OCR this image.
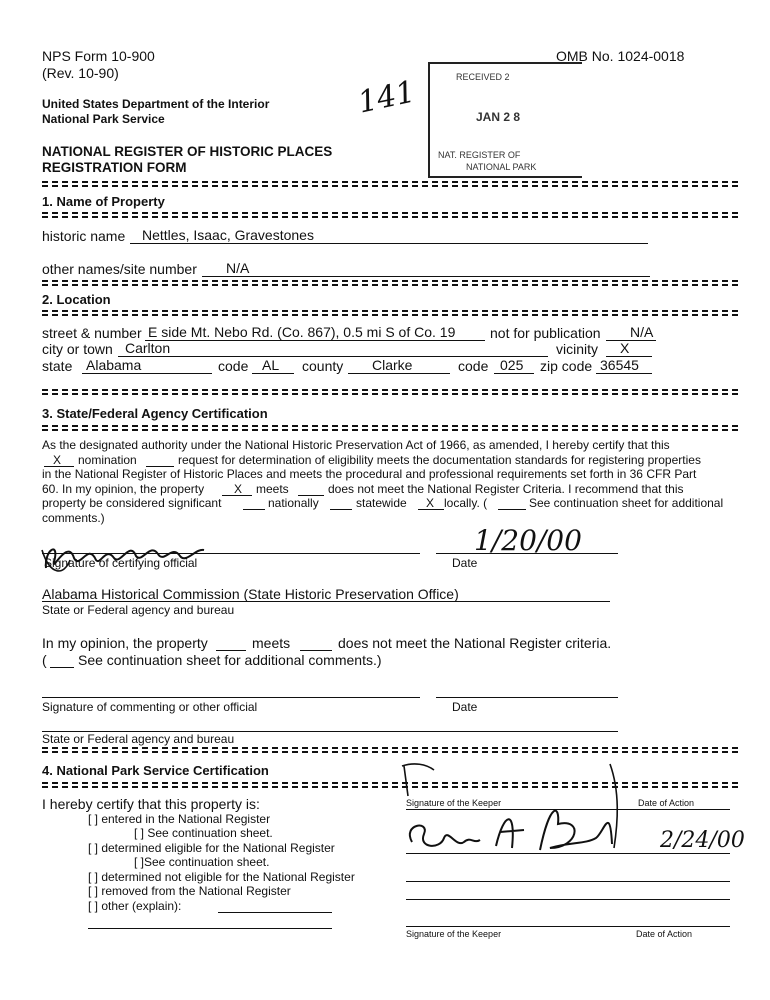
NPS Form 10-900
(Rev. 10-90)
OMB No. 1024-0018
United States Department of the Interior
National Park Service
NATIONAL REGISTER OF HISTORIC PLACES
REGISTRATION FORM
141	RECEIVED 2
JAN 2 8
NAT. REGISTER OF
NATIONAL PARK
1. Name of Property
historic name Nettles, Isaac, Gravestones
other names/site number N/A
2. Location
street & number E side Mt. Nebo Rd. (Co. 867), 0.5 mi S of Co. 19 not for publication N/A
city or town Carlton	vicinity X
state Alabama	code AL county Clarke	code 025 zip code 36545
3. State/Federal Agency Certification
As the designated authority under the National Historic Preservation Act of 1966, as amended, I hereby certify that this
X nomination	request for determination of eligibility meets the documentation standards for registering properties
in the National Register of Historic Places and meets the procedural and professional requirements set forth in 36 CFR Part
60. In my opinion, the property X meets	does not meet the National Register Criteria. I recommend that this
property be considered significant	nationally	statewide X locally. (	See continuation sheet for additional
comments.)
Signature of certifying official	Date
1/20/00
Alabama Historical Commission (State Historic Preservation Office)
State or Federal agency and bureau
In my opinion, the property	meets	does not meet the National Register criteria.
( See continuation sheet for additional comments.)
Signature of commenting or other official	Date
State or Federal agency and bureau
4. National Park Service Certification
I hereby certify that this property is:
[ ] entered in the National Register
[ ] See continuation sheet.
[ ] determined eligible for the National Register
[ ]See continuation sheet.
[ ] determined not eligible for the National Register
[ ] removed from the National Register
[ ] other (explain):
Signature of the Keeper	Date of Action
2/24/00
Signature of the Keeper	Date of Action
